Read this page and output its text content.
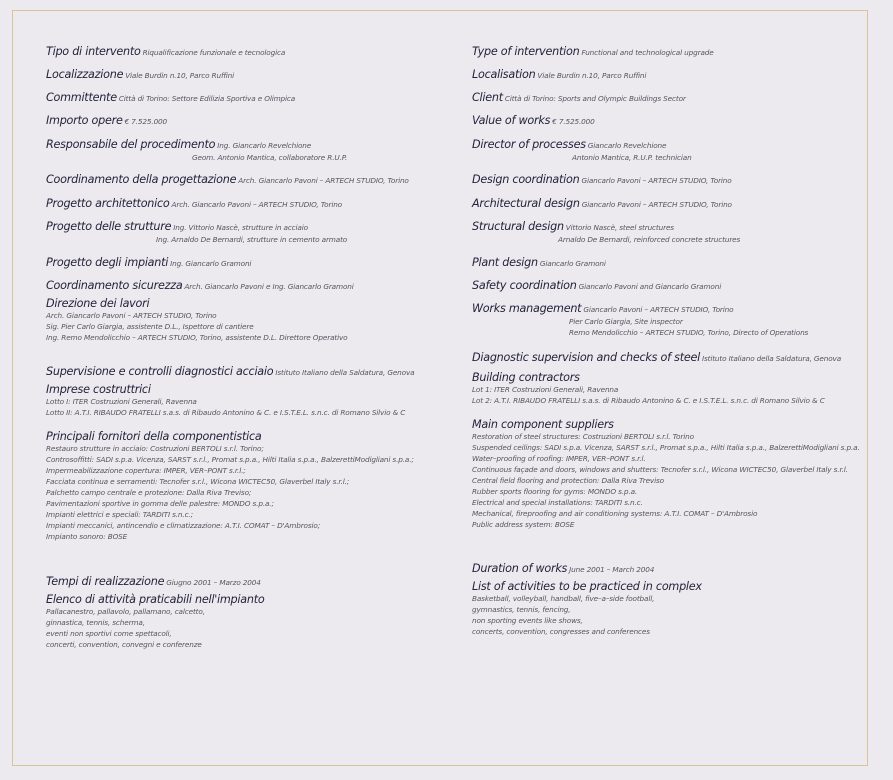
Tipo di intervento Riqualificazione funzionale e tecnologica
Localizzazione Viale Burdin n.10, Parco Ruffini
Committente Città di Torino: Settore Edilizia Sportiva e Olimpica
Importo opere € 7.525.000
Responsabile del procedimento Ing. Giancarlo Revelchione
Geom. Antonio Mantica, collaboratore R.U.P.
Coordinamento della progettazione Arch. Giancarlo Pavoni – ARTECH STUDIO, Torino
Progetto architettonico Arch. Giancarlo Pavoni – ARTECH STUDIO, Torino
Progetto delle strutture Ing. Vittorio Nascè, strutture in acciaio
Ing. Arnaldo De Bernardi, strutture in cemento armato
Progetto degli impianti Ing. Giancarlo Gramoni
Coordinamento sicurezza Arch. Giancarlo Pavoni e Ing. Giancarlo Gramoni
Direzione dei lavori
Arch. Giancarlo Pavoni – ARTECH STUDIO, Torino
Sig. Pier Carlo Giargia, assistente D.L., Ispettore di cantiere
Ing. Remo Mendolicchio – ARTECH STUDIO, Torino, assistente D.L. Direttore Operativo
Supervisione e controlli diagnostici acciaio Istituto Italiano della Saldatura, Genova
Imprese costruttrici
Lotto I: ITER Costruzioni Generali, Ravenna
Lotto II: A.T.I. RIBAUDO FRATELLI s.a.s. di Ribaudo Antonino & C. e I.S.T.E.L. s.n.c. di Romano Silvio & C
Principali fornitori della componentistica
Restauro strutture in acciaio: Costruzioni BERTOLI s.r.l. Torino;
Controsoffitti: SADI s.p.a. Vicenza, SARST s.r.l., Promat s.p.a., Hilti Italia s.p.a., BalzerettiModigliani s.p.a.;
Impermeabilizzazione copertura: IMPER, VER–PONT s.r.l.;
Facciata continua e serramenti: Tecnofer s.r.l., Wicona WICTEC50, Glaverbel Italy s.r.l.;
Palchetto campo centrale e protezione: Dalla Riva Treviso;
Pavimentazioni sportive in gomma delle palestre: MONDO s.p.a.;
Impianti elettrici e speciali: TARDITI s.n.c.;
Impianti meccanici, antincendio e climatizzazione: A.T.I. COMAT – D'Ambrosio;
Impianto sonoro: BOSE
Tempi di realizzazione Giugno 2001 – Marzo 2004
Elenco di attività praticabili nell'impianto
Pallacanestro, pallavolo, pallamano, calcetto,
ginnastica, tennis, scherma,
eventi non sportivi come spettacoli,
concerti, convention, convegni e conferenze
Type of intervention Functional and technological upgrade
Localisation Viale Burdin n.10, Parco Ruffini
Client Città di Torino: Sports and Olympic Buildings Sector
Value of works € 7.525.000
Director of processes Giancarlo Revelchione
Antonio Mantica, R.U.P. technician
Design coordination Giancarlo Pavoni – ARTECH STUDIO, Torino
Architectural design Giancarlo Pavoni – ARTECH STUDIO, Torino
Structural design Vittorio Nascè, steel structures
Arnaldo De Bernardi, reinforced concrete structures
Plant design Giancarlo Gramoni
Safety coordination Giancarlo Pavoni and Giancarlo Gramoni
Works management Giancarlo Pavoni – ARTECH STUDIO, Torino
Pier Carlo Giargia, Site inspector
Remo Mendolicchio – ARTECH STUDIO, Torino, Directo of Operations
Diagnostic supervision and checks of steel Istituto Italiano della Saldatura, Genova
Building contractors
Lot 1: ITER Costruzioni Generali, Ravenna
Lot 2: A.T.I. RIBAUDO FRATELLI s.a.s. di Ribaudo Antonino & C. e I.S.T.E.L. s.n.c. di Romano Silvio & C
Main component suppliers
Restoration of steel structures: Costruzioni BERTOLI s.r.l. Torino
Suspended ceilings: SADI s.p.a. Vicenza, SARST s.r.l., Promat s.p.a., Hilti Italia s.p.a., BalzerettiModigliani s.p.a.
Water–proofing of roofing: IMPER, VER–PONT s.r.l.
Continuous façade and doors, windows and shutters: Tecnofer s.r.l., Wicona WICTEC50, Glaverbel Italy s.r.l.
Central field flooring and protection: Dalla Riva Treviso
Rubber sports flooring for gyms: MONDO s.p.a.
Electrical and special installations: TARDITI s.n.c.
Mechanical, fireproofing and air conditioning systems: A.T.I. COMAT – D'Ambrosio
Public address system: BOSE
Duration of works June 2001 – March 2004
List of activities to be practiced in complex
Basketball, volleyball, handball, five–a–side football,
gymnastics, tennis, fencing,
non sporting events like shows,
concerts, convention, congresses and conferences
